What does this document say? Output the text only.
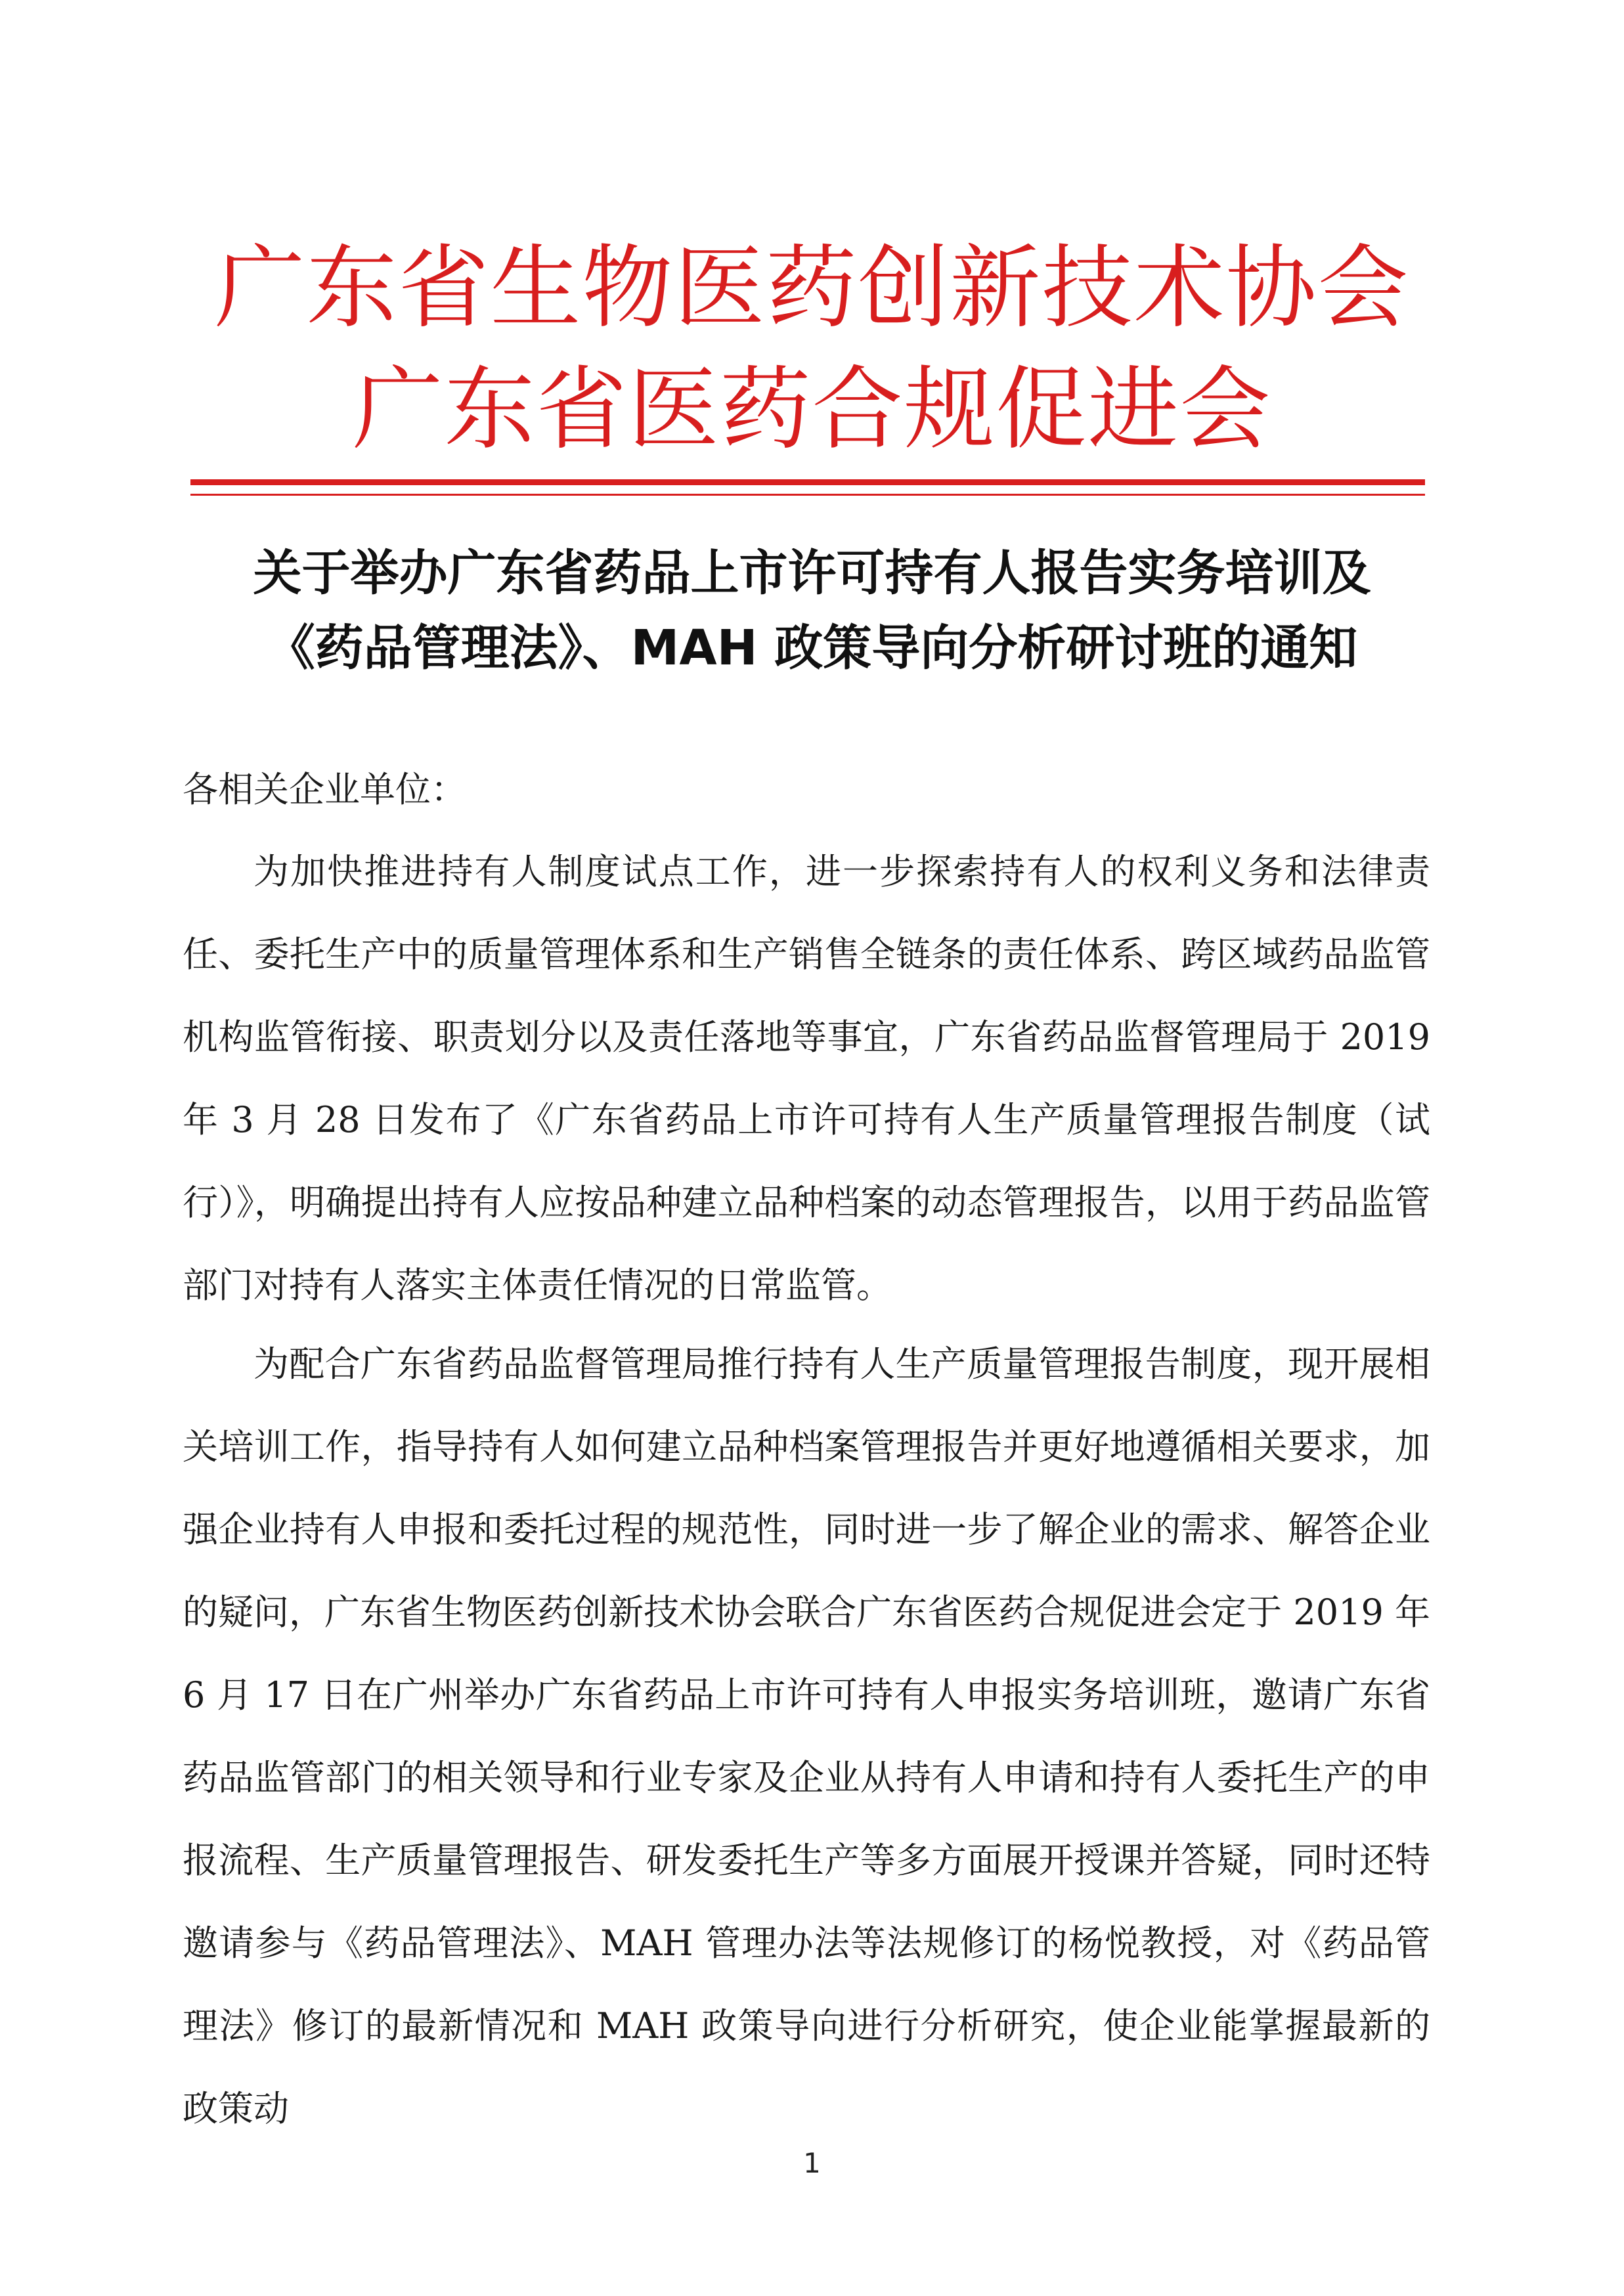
广东省生物医药创新技术协会
广东省医药合规促进会
关于举办广东省药品上市许可持有人报告实务培训及
《药品管理法》、MAH 政策导向分析研讨班的通知
各相关企业单位：
为加快推进持有人制度试点工作，进一步探索持有人的权利义务和法律责任、委托生产中的质量管理体系和生产销售全链条的责任体系、跨区域药品监管机构监管衔接、职责划分以及责任落地等事宜，广东省药品监督管理局于 2019 年 3 月 28 日发布了《广东省药品上市许可持有人生产质量管理报告制度（试行）》，明确提出持有人应按品种建立品种档案的动态管理报告，以用于药品监管部门对持有人落实主体责任情况的日常监管。
为配合广东省药品监督管理局推行持有人生产质量管理报告制度，现开展相关培训工作，指导持有人如何建立品种档案管理报告并更好地遵循相关要求，加强企业持有人申报和委托过程的规范性，同时进一步了解企业的需求、解答企业的疑问，广东省生物医药创新技术协会联合广东省医药合规促进会定于 2019 年 6 月 17 日在广州举办广东省药品上市许可持有人申报实务培训班，邀请广东省药品监管部门的相关领导和行业专家及企业从持有人申请和持有人委托生产的申报流程、生产质量管理报告、研发委托生产等多方面展开授课并答疑，同时还特邀请参与《药品管理法》、MAH 管理办法等法规修订的杨悦教授，对《药品管理法》修订的最新情况和 MAH 政策导向进行分析研究，使企业能掌握最新的政策动
1
